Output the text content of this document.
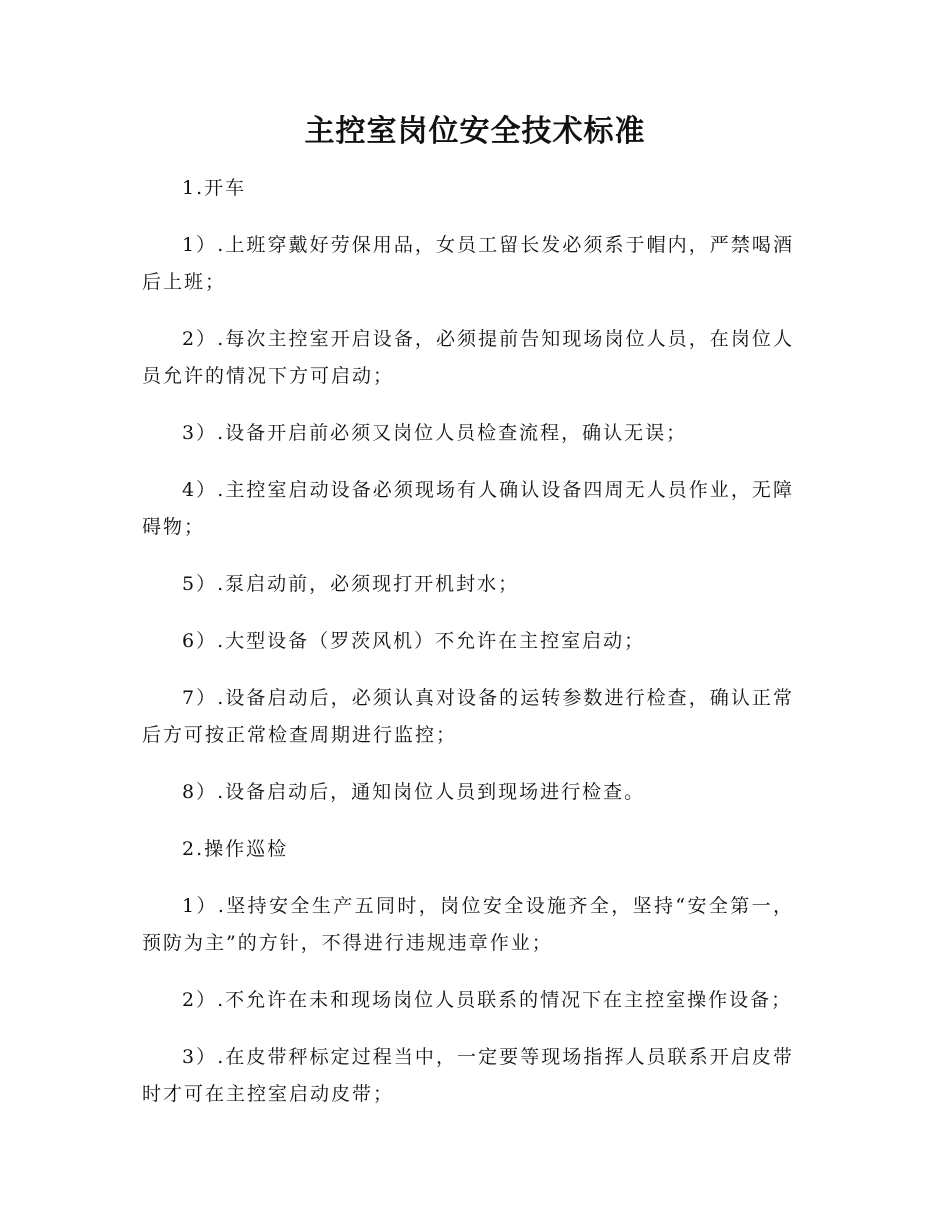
主控室岗位安全技术标准

1.开车

1）.上班穿戴好劳保用品，女员工留长发必须系于帽内，严禁喝酒后上班；

2）.每次主控室开启设备，必须提前告知现场岗位人员，在岗位人员允许的情况下方可启动；

3）.设备开启前必须又岗位人员检查流程，确认无误；

4）.主控室启动设备必须现场有人确认设备四周无人员作业，无障碍物；

5）.泵启动前，必须现打开机封水；

6）.大型设备（罗茨风机）不允许在主控室启动；

7）.设备启动后，必须认真对设备的运转参数进行检查，确认正常后方可按正常检查周期进行监控；

8）.设备启动后，通知岗位人员到现场进行检查。

2.操作巡检

1）.坚持安全生产五同时，岗位安全设施齐全，坚持“安全第一，预防为主”的方针，不得进行违规违章作业；

2）.不允许在未和现场岗位人员联系的情况下在主控室操作设备；

3）.在皮带秤标定过程当中，一定要等现场指挥人员联系开启皮带时才可在主控室启动皮带；
